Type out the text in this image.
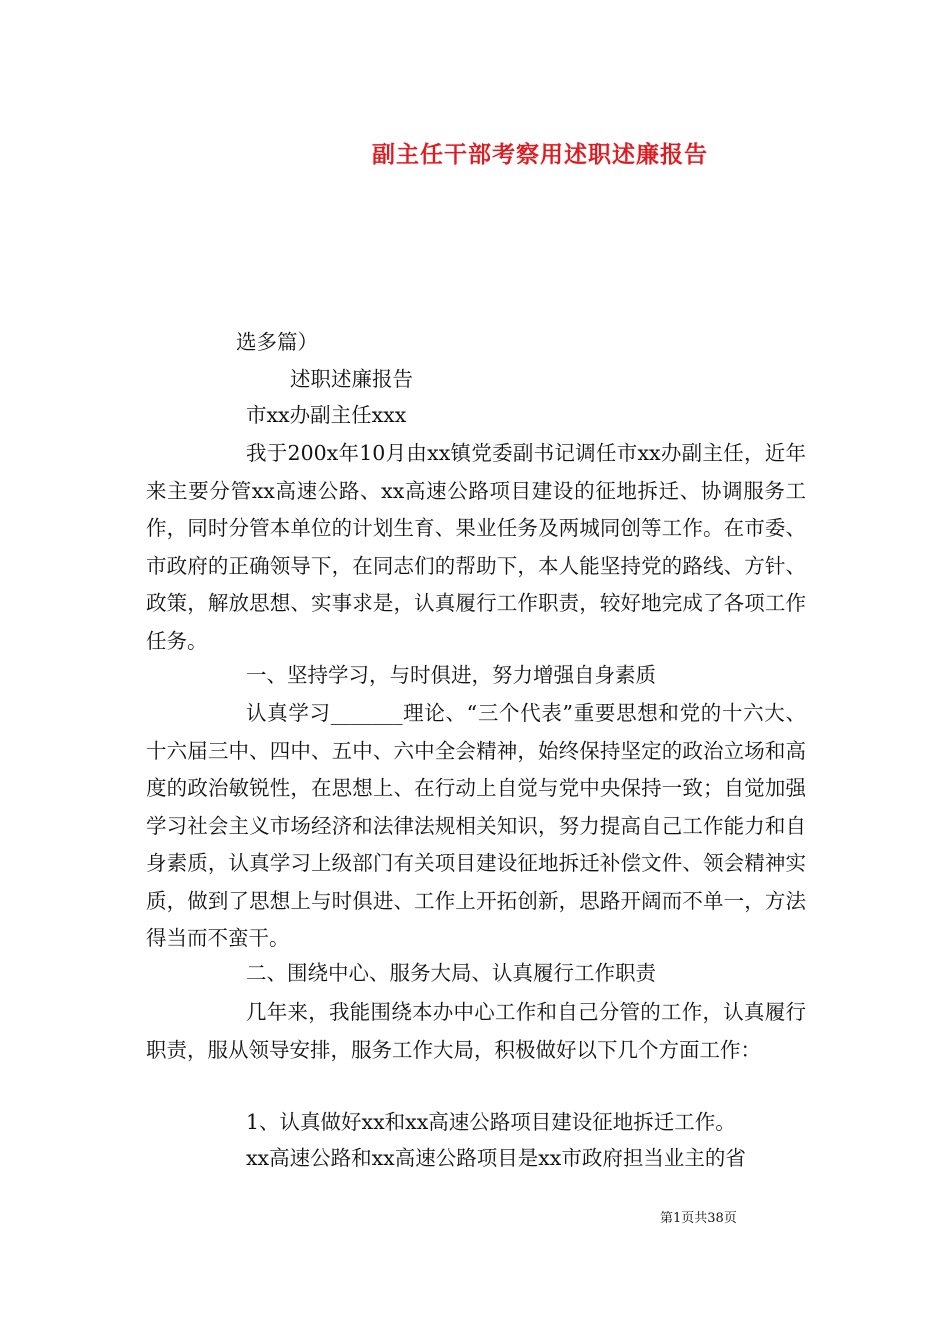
副主任干部考察用述职述廉报告

选多篇）

述职述廉报告

市xx办副主任xxx

我于200x年10月由xx镇党委副书记调任市xx办副主任，近年来主要分管xx高速公路、xx高速公路项目建设的征地拆迁、协调服务工作，同时分管本单位的计划生育、果业任务及两城同创等工作。在市委、市政府的正确领导下，在同志们的帮助下，本人能坚持党的路线、方针、政策，解放思想、实事求是，认真履行工作职责，较好地完成了各项工作任务。

一、坚持学习，与时俱进，努力增强自身素质

认真学习_______理论、“三个代表”重要思想和党的十六大、十六届三中、四中、五中、六中全会精神，始终保持坚定的政治立场和高度的政治敏锐性，在思想上、在行动上自觉与党中央保持一致；自觉加强学习社会主义市场经济和法律法规相关知识，努力提高自己工作能力和自身素质，认真学习上级部门有关项目建设征地拆迁补偿文件、领会精神实质，做到了思想上与时俱进、工作上开拓创新，思路开阔而不单一，方法得当而不蛮干。

二、围绕中心、服务大局、认真履行工作职责

几年来，我能围绕本办中心工作和自己分管的工作，认真履行职责，服从领导安排，服务工作大局，积极做好以下几个方面工作：

1、认真做好xx和xx高速公路项目建设征地拆迁工作。

xx高速公路和xx高速公路项目是xx市政府担当业主的省

第1页共38页
